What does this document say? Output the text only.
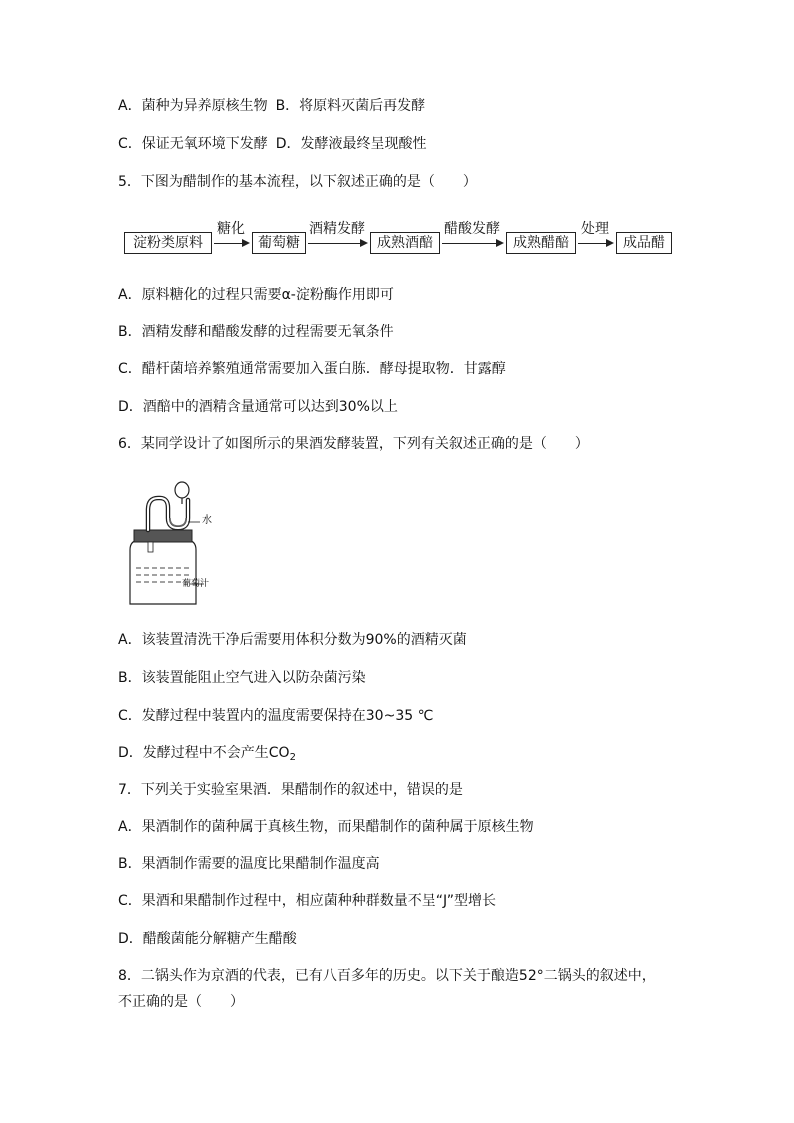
A．菌种为异养原核生物 B．将原料灭菌后再发酵
C．保证无氧环境下发酵 D．发酵液最终呈现酸性
5．下图为醋制作的基本流程，以下叙述正确的是（　　）
淀粉类原料
糖化
葡萄糖
酒精发酵
成熟酒醅
醋酸发酵
成熟醋醅
处理
成品醋
A．原料糖化的过程只需要α-淀粉酶作用即可
B．酒精发酵和醋酸发酵的过程需要无氧条件
C．醋杆菌培养繁殖通常需要加入蛋白胨．酵母提取物．甘露醇
D．酒醅中的酒精含量通常可以达到30%以上
6．某同学设计了如图所示的果酒发酵装置，下列有关叙述正确的是（　　）
水
葡萄汁
A．该装置清洗干净后需要用体积分数为90%的酒精灭菌
B．该装置能阻止空气进入以防杂菌污染
C．发酵过程中装置内的温度需要保持在30~35 ℃
D．发酵过程中不会产生$CO_2$
7．下列关于实验室果酒．果醋制作的叙述中，错误的是
A．果酒制作的菌种属于真核生物，而果醋制作的菌种属于原核生物
B．果酒制作需要的温度比果醋制作温度高
C．果酒和果醋制作过程中，相应菌种种群数量不呈“J”型增长
D．醋酸菌能分解糖产生醋酸
8．二锅头作为京酒的代表，已有八百多年的历史。以下关于酿造52°二锅头的叙述中，
不正确的是（　　）
